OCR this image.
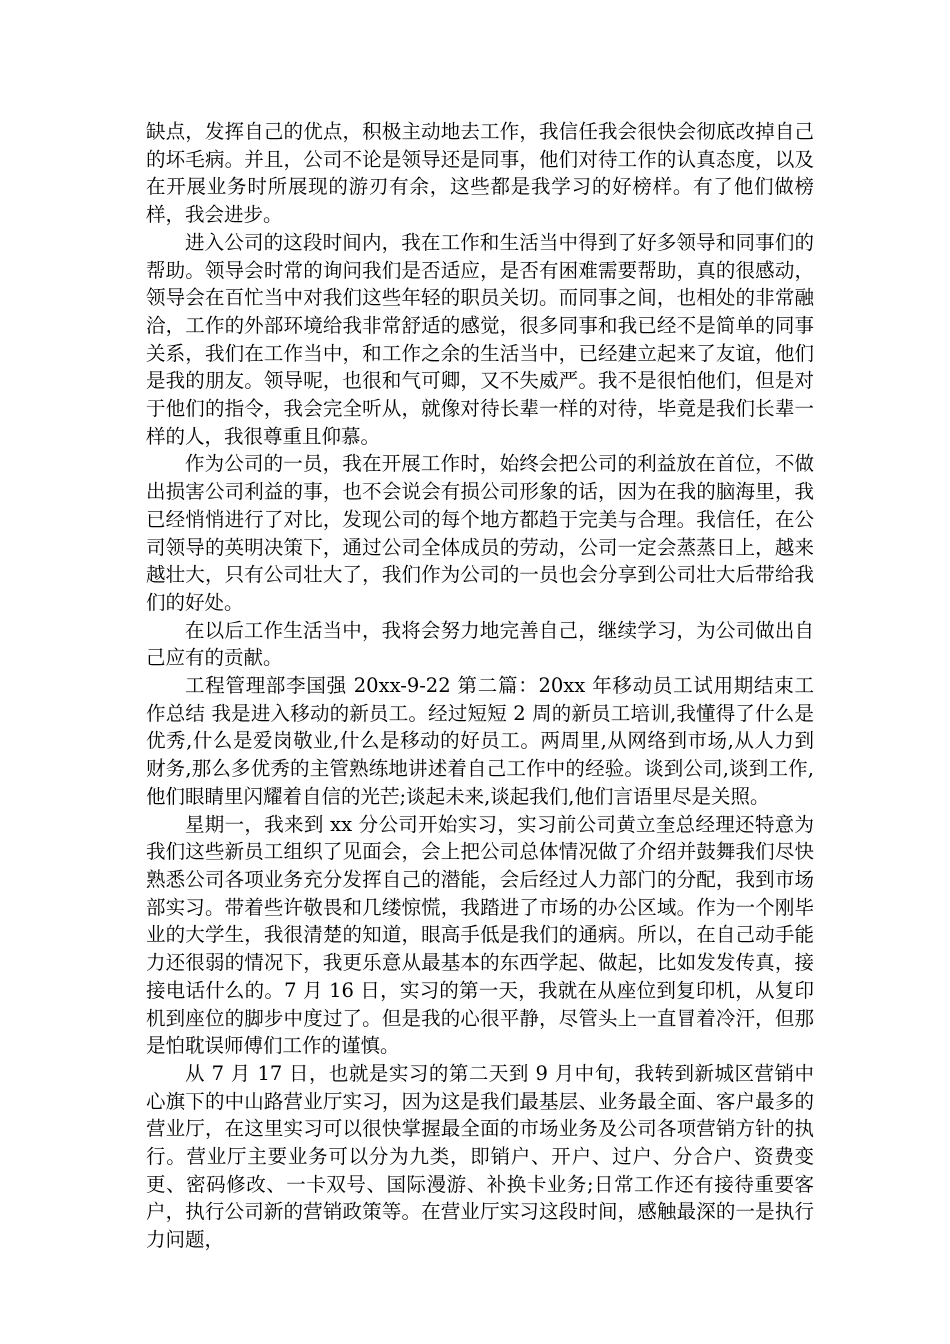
缺点，发挥自己的优点，积极主动地去工作，我信任我会很快会彻底改掉自己的坏毛病。并且，公司不论是领导还是同事，他们对待工作的认真态度，以及在开展业务时所展现的游刃有余，这些都是我学习的好榜样。有了他们做榜样，我会进步。

进入公司的这段时间内，我在工作和生活当中得到了好多领导和同事们的帮助。领导会时常的询问我们是否适应，是否有困难需要帮助，真的很感动，领导会在百忙当中对我们这些年轻的职员关切。而同事之间，也相处的非常融洽，工作的外部环境给我非常舒适的感觉，很多同事和我已经不是简单的同事关系，我们在工作当中，和工作之余的生活当中，已经建立起来了友谊，他们是我的朋友。领导呢，也很和气可卿，又不失威严。我不是很怕他们，但是对于他们的指令，我会完全听从，就像对待长辈一样的对待，毕竟是我们长辈一样的人，我很尊重且仰慕。

作为公司的一员，我在开展工作时，始终会把公司的利益放在首位，不做出损害公司利益的事，也不会说会有损公司形象的话，因为在我的脑海里，我已经悄悄进行了对比，发现公司的每个地方都趋于完美与合理。我信任，在公司领导的英明决策下，通过公司全体成员的劳动，公司一定会蒸蒸日上，越来越壮大，只有公司壮大了，我们作为公司的一员也会分享到公司壮大后带给我们的好处。

在以后工作生活当中，我将会努力地完善自己，继续学习，为公司做出自己应有的贡献。

工程管理部李国强 20xx-9-22 第二篇：20xx 年移动员工试用期结束工作总结 我是进入移动的新员工。经过短短 2 周的新员工培训,我懂得了什么是优秀,什么是爱岗敬业,什么是移动的好员工。两周里,从网络到市场,从人力到财务,那么多优秀的主管熟练地讲述着自己工作中的经验。谈到公司,谈到工作,他们眼睛里闪耀着自信的光芒;谈起未来,谈起我们,他们言语里尽是关照。

星期一，我来到 xx 分公司开始实习，实习前公司黄立奎总经理还特意为我们这些新员工组织了见面会，会上把公司总体情况做了介绍并鼓舞我们尽快熟悉公司各项业务充分发挥自己的潜能，会后经过人力部门的分配，我到市场部实习。带着些许敬畏和几缕惊慌，我踏进了市场的办公区域。作为一个刚毕业的大学生，我很清楚的知道，眼高手低是我们的通病。所以，在自己动手能力还很弱的情况下，我更乐意从最基本的东西学起、做起，比如发发传真，接接电话什么的。7 月 16 日，实习的第一天，我就在从座位到复印机，从复印机到座位的脚步中度过了。但是我的心很平静，尽管头上一直冒着冷汗，但那是怕耽误师傅们工作的谨慎。

从 7 月 17 日，也就是实习的第二天到 9 月中旬，我转到新城区营销中心旗下的中山路营业厅实习，因为这是我们最基层、业务最全面、客户最多的营业厅，在这里实习可以很快掌握最全面的市场业务及公司各项营销方针的执行。营业厅主要业务可以分为九类，即销户、开户、过户、分合户、资费变更、密码修改、一卡双号、国际漫游、补换卡业务;日常工作还有接待重要客户，执行公司新的营销政策等。在营业厅实习这段时间，感触最深的一是执行力问题，
